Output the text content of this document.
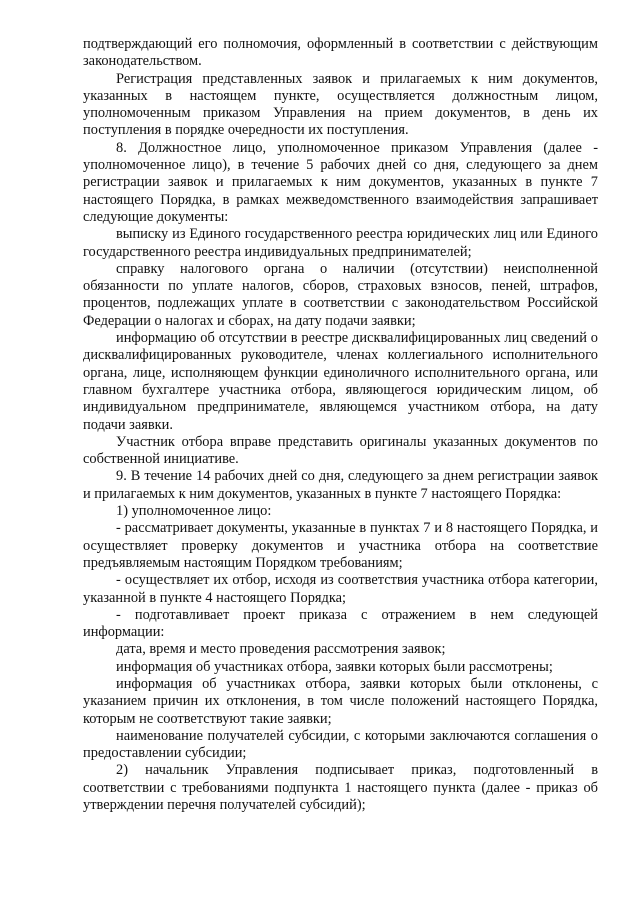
подтверждающий его полномочия, оформленный в соответствии с действующим законодательством.

Регистрация представленных заявок и прилагаемых к ним документов, указанных в настоящем пункте, осуществляется должностным лицом, уполномоченным приказом Управления на прием документов, в день их поступления в порядке очередности их поступления.

8. Должностное лицо, уполномоченное приказом Управления (далее - уполномоченное лицо), в течение 5 рабочих дней со дня, следующего за днем регистрации заявок и прилагаемых к ним документов, указанных в пункте 7 настоящего Порядка, в рамках межведомственного взаимодействия запрашивает следующие документы:

выписку из Единого государственного реестра юридических лиц или Единого государственного реестра индивидуальных предпринимателей;

справку налогового органа о наличии (отсутствии) неисполненной обязанности по уплате налогов, сборов, страховых взносов, пеней, штрафов, процентов, подлежащих уплате в соответствии с законодательством Российской Федерации о налогах и сборах, на дату подачи заявки;

информацию об отсутствии в реестре дисквалифицированных лиц сведений о дисквалифицированных руководителе, членах коллегиального исполнительного органа, лице, исполняющем функции единоличного исполнительного органа, или главном бухгалтере участника отбора, являющегося юридическим лицом, об индивидуальном предпринимателе, являющемся участником отбора, на дату подачи заявки.

Участник отбора вправе представить оригиналы указанных документов по собственной инициативе.

9. В течение 14 рабочих дней со дня, следующего за днем регистрации заявок и прилагаемых к ним документов, указанных в пункте 7 настоящего Порядка:

1) уполномоченное лицо:

- рассматривает документы, указанные в пунктах 7 и 8 настоящего Порядка, и осуществляет проверку документов и участника отбора на соответствие предъявляемым настоящим Порядком требованиям;

- осуществляет их отбор, исходя из соответствия участника отбора категории, указанной в пункте 4 настоящего Порядка;

- подготавливает проект приказа с отражением в нем следующей информации:

дата, время и место проведения рассмотрения заявок;

информация об участниках отбора, заявки которых были рассмотрены;

информация об участниках отбора, заявки которых были отклонены, с указанием причин их отклонения, в том числе положений настоящего Порядка, которым не соответствуют такие заявки;

наименование получателей субсидии, с которыми заключаются соглашения о предоставлении субсидии;

2) начальник Управления подписывает приказ, подготовленный в соответствии с требованиями подпункта 1 настоящего пункта (далее - приказ об утверждении перечня получателей субсидий);
